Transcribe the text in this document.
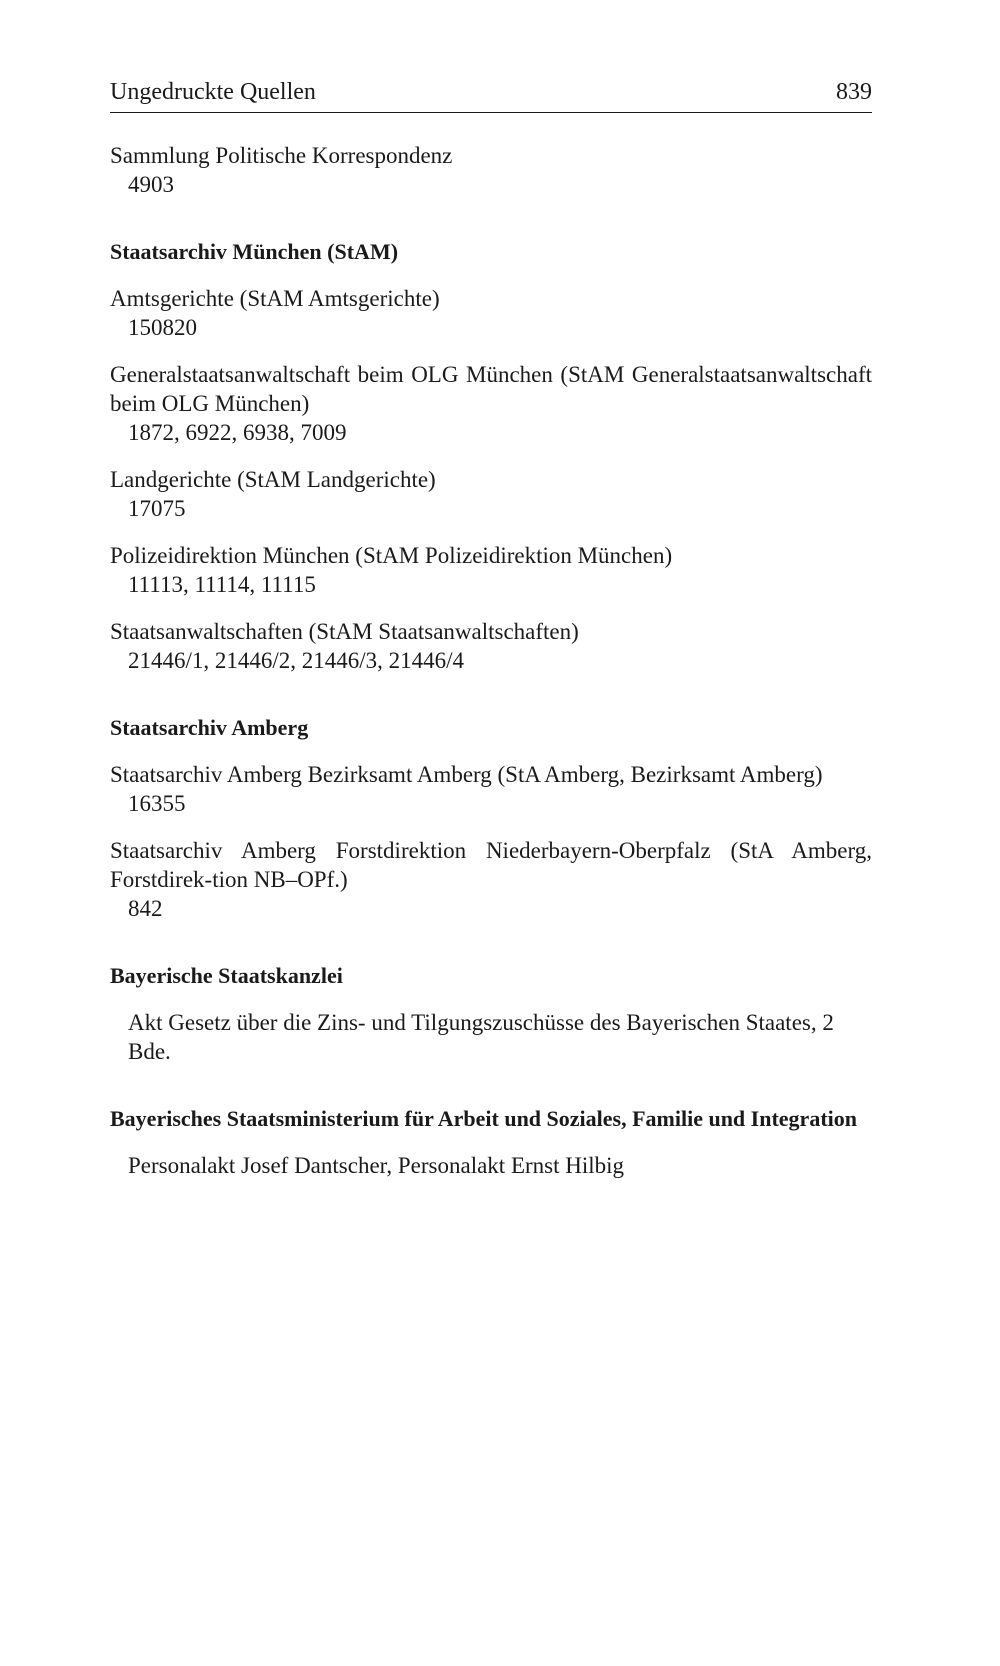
Ungedruckte Quellen	839
Sammlung Politische Korrespondenz
4903
Staatsarchiv München (StAM)
Amtsgerichte (StAM Amtsgerichte)
150820
Generalstaatsanwaltschaft beim OLG München (StAM Generalstaatsanwaltschaft beim OLG München)
1872, 6922, 6938, 7009
Landgerichte (StAM Landgerichte)
17075
Polizeidirektion München (StAM Polizeidirektion München)
11113, 11114, 11115
Staatsanwaltschaften (StAM Staatsanwaltschaften)
21446/1, 21446/2, 21446/3, 21446/4
Staatsarchiv Amberg
Staatsarchiv Amberg Bezirksamt Amberg (StA Amberg, Bezirksamt Amberg)
16355
Staatsarchiv Amberg Forstdirektion Niederbayern-Oberpfalz (StA Amberg, Forstdirek-tion NB–OPf.)
842
Bayerische Staatskanzlei
Akt Gesetz über die Zins- und Tilgungszuschüsse des Bayerischen Staates, 2 Bde.
Bayerisches Staatsministerium für Arbeit und Soziales, Familie und Integration
Personalakt Josef Dantscher, Personalakt Ernst Hilbig
